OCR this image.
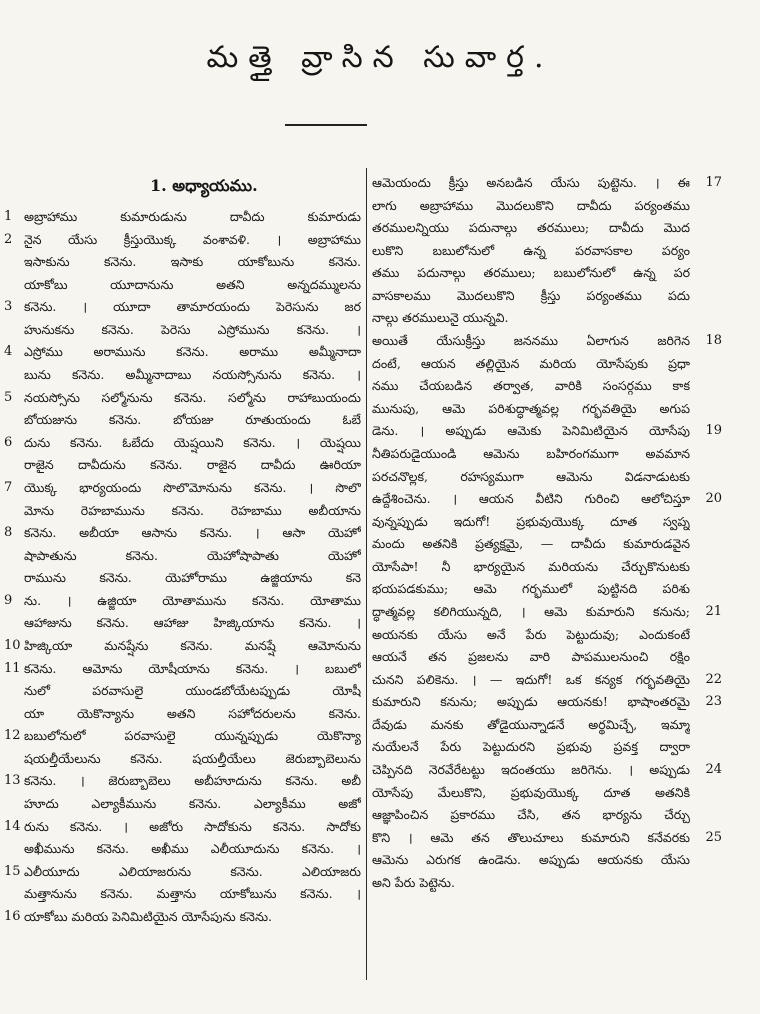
మత్తై వ్రాసిన సువార్త.
1. అధ్యాయము.
1 అబ్రాహాము కుమారుడును దావీదు కుమారుడు
2 నైన యేసు క్రీస్తుయొక్క వంశావళి. । అబ్రాహాము
ఇసాకును కనెను. ఇసాకు యాకోబును కనెను.
యాకోబు యూదానును అతని అన్నదమ్ములను
3 కనెను. । యూదా తామారయందు పెరెసును జర
హునుకను కనెను. పెరెసు ఎస్రోమును కనెను. ।
4 ఎస్రోము అరామును కనెను. అరాము అమ్మీనాదా
బును కనెను. అమ్మీనాదాబు నయస్సోనును కనెను. ।
5 నయస్సోను సల్మోనును కనెను. సల్మోను రాహాబుయందు
బోయజును కనెను. బోయజు రూతుయందు ఓబే
6 దును కనెను. ఓబేదు యెష్షయిని కనెను. । యెష్షయి
రాజైన దావీదును కనెను. రాజైన దావీదు ఊరియా
7 యొక్క భార్యయందు సొలొమోనును కనెను. । సొలొ
మోను రెహబామును కనెను. రెహబాము అబీయాను
8 కనెను. అబీయా ఆసాను కనెను. । ఆసా యెహో
షాపాతును కనెను. యెహోషాపాతు యెహో
రామును కనెను. యెహోరాము ఉజ్జియాను కనె
9 ను. । ఉజ్జియా యోతామును కనెను. యోతాము
ఆహాజును కనెను. ఆహాజు హిజ్కియాను కనెను. ।
10 హిజ్కియా మనష్షేను కనెను. మనష్షే ఆమోనును
11 కనెను. ఆమోను యోషీయాను కనెను. । బబులో
నులో పరవాసులై యుండబోయేటప్పుడు యోషీ
యా యెకొన్యాను అతని సహోదరులను కనెను.
12 బబులోనులో పరవాసులై యున్నప్పుడు యెకొన్యా
షయల్తీయేలును కనెను. షయల్తీయేలు జెరుబ్బాబెలును
13 కనెను. । జెరుబ్బాబెలు అబీహూదును కనెను. అబీ
హూదు ఎల్యాకీమును కనెను. ఎల్యాకీము అజో
14 రును కనెను. । అజోరు సాదోకును కనెను. సాదోకు
అఖీమును కనెను. అఖీము ఎలీయూదును కనెను. ।
15 ఎలీయూదు ఎలియాజరును కనెను. ఎలియాజరు
మత్తానును కనెను. మత్తాను యాకోబును కనెను. ।
16 యాకోబు మరియ పెనిమిటియైన యోసేపును కనెను.
ఆమెయందు క్రీస్తు అనబడిన యేసు పుట్టెను. । ఈ	17
లాగు అబ్రాహాము మొదలుకొని దావీదు పర్యంతము
తరములన్నియు పదునాల్గు తరములు; దావీదు మొద
లుకొని బబులోనులో ఉన్న పరవాసకాల పర్యం
తము పదునాల్గు తరములు; బబులోనులో ఉన్న పర
వాసకాలము మొదలుకొని క్రీస్తు పర్యంతము పదు
నాల్గు తరములునై యున్నవి.
అయితే యేసుక్రీస్తు జననము ఏలాగున జరిగెన	18
దంటే, ఆయన తల్లియైన మరియ యోసేపుకు ప్రధా
నము చేయబడిన తర్వాత, వారికి సంసర్గము కాక
మునుపు, ఆమె పరిశుద్ధాత్మవల్ల గర్భవతియై అగుప
డెను. । అప్పుడు ఆమెకు పెనిమిటియైన యోసేపు	19
నీతిపరుడైయుండి ఆమెను బహిరంగముగా అవమాన
పరచనొల్లక, రహస్యముగా ఆమెను విడనాడుటకు
ఉద్దేశించెను. । ఆయన వీటిని గురించి ఆలోచిస్తూ	20
వున్నప్పుడు ఇదుగో! ప్రభువుయొక్క దూత స్వప్న
మందు అతనికి ప్రత్యక్షమై, — దావీదు కుమారుడవైన
యోసేపా! నీ భార్యయైన మరియను చేర్చుకొనుటకు
భయపడకుము; ఆమె గర్భములో పుట్టినది పరిశు
ద్ధాత్మవల్ల కలిగియున్నది, । ఆమె కుమారుని కనును;	21
అయనకు యేసు అనే పేరు పెట్టుదువు; ఎందుకంటే
ఆయనే తన ప్రజలను వారి పాపములనుంచి రక్షిం
చునని పలికెను. । — ఇదుగో! ఒక కన్యక గర్భవతియై	22
కుమారుని కనును; అప్పుడు ఆయనకు! భాషాంతరమై	23
దేవుడు మనకు తోడైయున్నాడనే అర్థమిచ్చే, ఇమ్మా
నుయేలనే పేరు పెట్టుదురని ప్రభువు ప్రవక్త ద్వారా
చెప్పినది నెరవేరేటట్టు ఇదంతయు జరిగెను. । అప్పుడు	24
యోసేపు మేలుకొని, ప్రభువుయొక్క దూత అతనికి
ఆజ్ఞాపించిన ప్రకారము చేసి, తన భార్యను చేర్చు
కొని । ఆమె తన తొలుచూలు కుమారుని కనేవరకు	25
ఆమెను ఎరుగక ఉండెను. అప్పుడు ఆయనకు యేసు
అని పేరు పెట్టెను.
